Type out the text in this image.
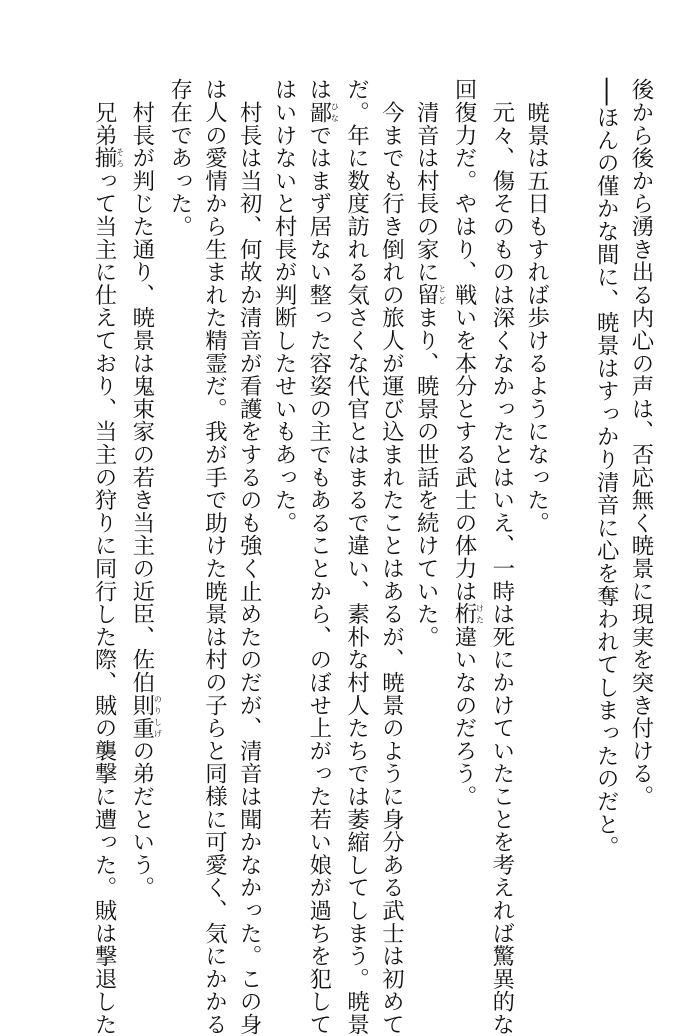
後から後から湧き出る内心の声は、否応無く暁景に現実を突き付ける。
──ほんの僅かな間に、暁景はすっかり清音に心を奪われてしまったのだと。
　暁景は五日もすれば歩けるようになった。
　元々、傷そのものは深くなかったとはいえ、一時は死にかけていたことを考えれば驚異的な
回復力だ。やはり、戦いを本分とする武士の体力は桁けた違いなのだろう。
　清音は村長の家に留とどまり、暁景の世話を続けていた。
　今までも行き倒れの旅人が運び込まれたことはあるが、暁景のように身分ある武士は初めて
だ。年に数度訪れる気さくな代官とはまるで違い、素朴な村人たちでは萎縮してしまう。暁景
は鄙ひなではまず居ない整った容姿の主でもあることから、のぼせ上がった若い娘が過ちを犯して
はいけないと村長が判断したせいもあった。
　村長は当初、何故か清音が看護をするのも強く止めたのだが、清音は聞かなかった。この身
は人の愛情から生まれた精霊だ。我が手で助けた暁景は村の子らと同様に可愛く、気にかかる
存在であった。
　村長が判じた通り、暁景は鬼束家の若き当主の近臣、佐伯則重のりしげの弟だという。
　兄弟揃そろって当主に仕えており、当主の狩りに同行した際、賊の襲撃に遭った。賊は撃退した
